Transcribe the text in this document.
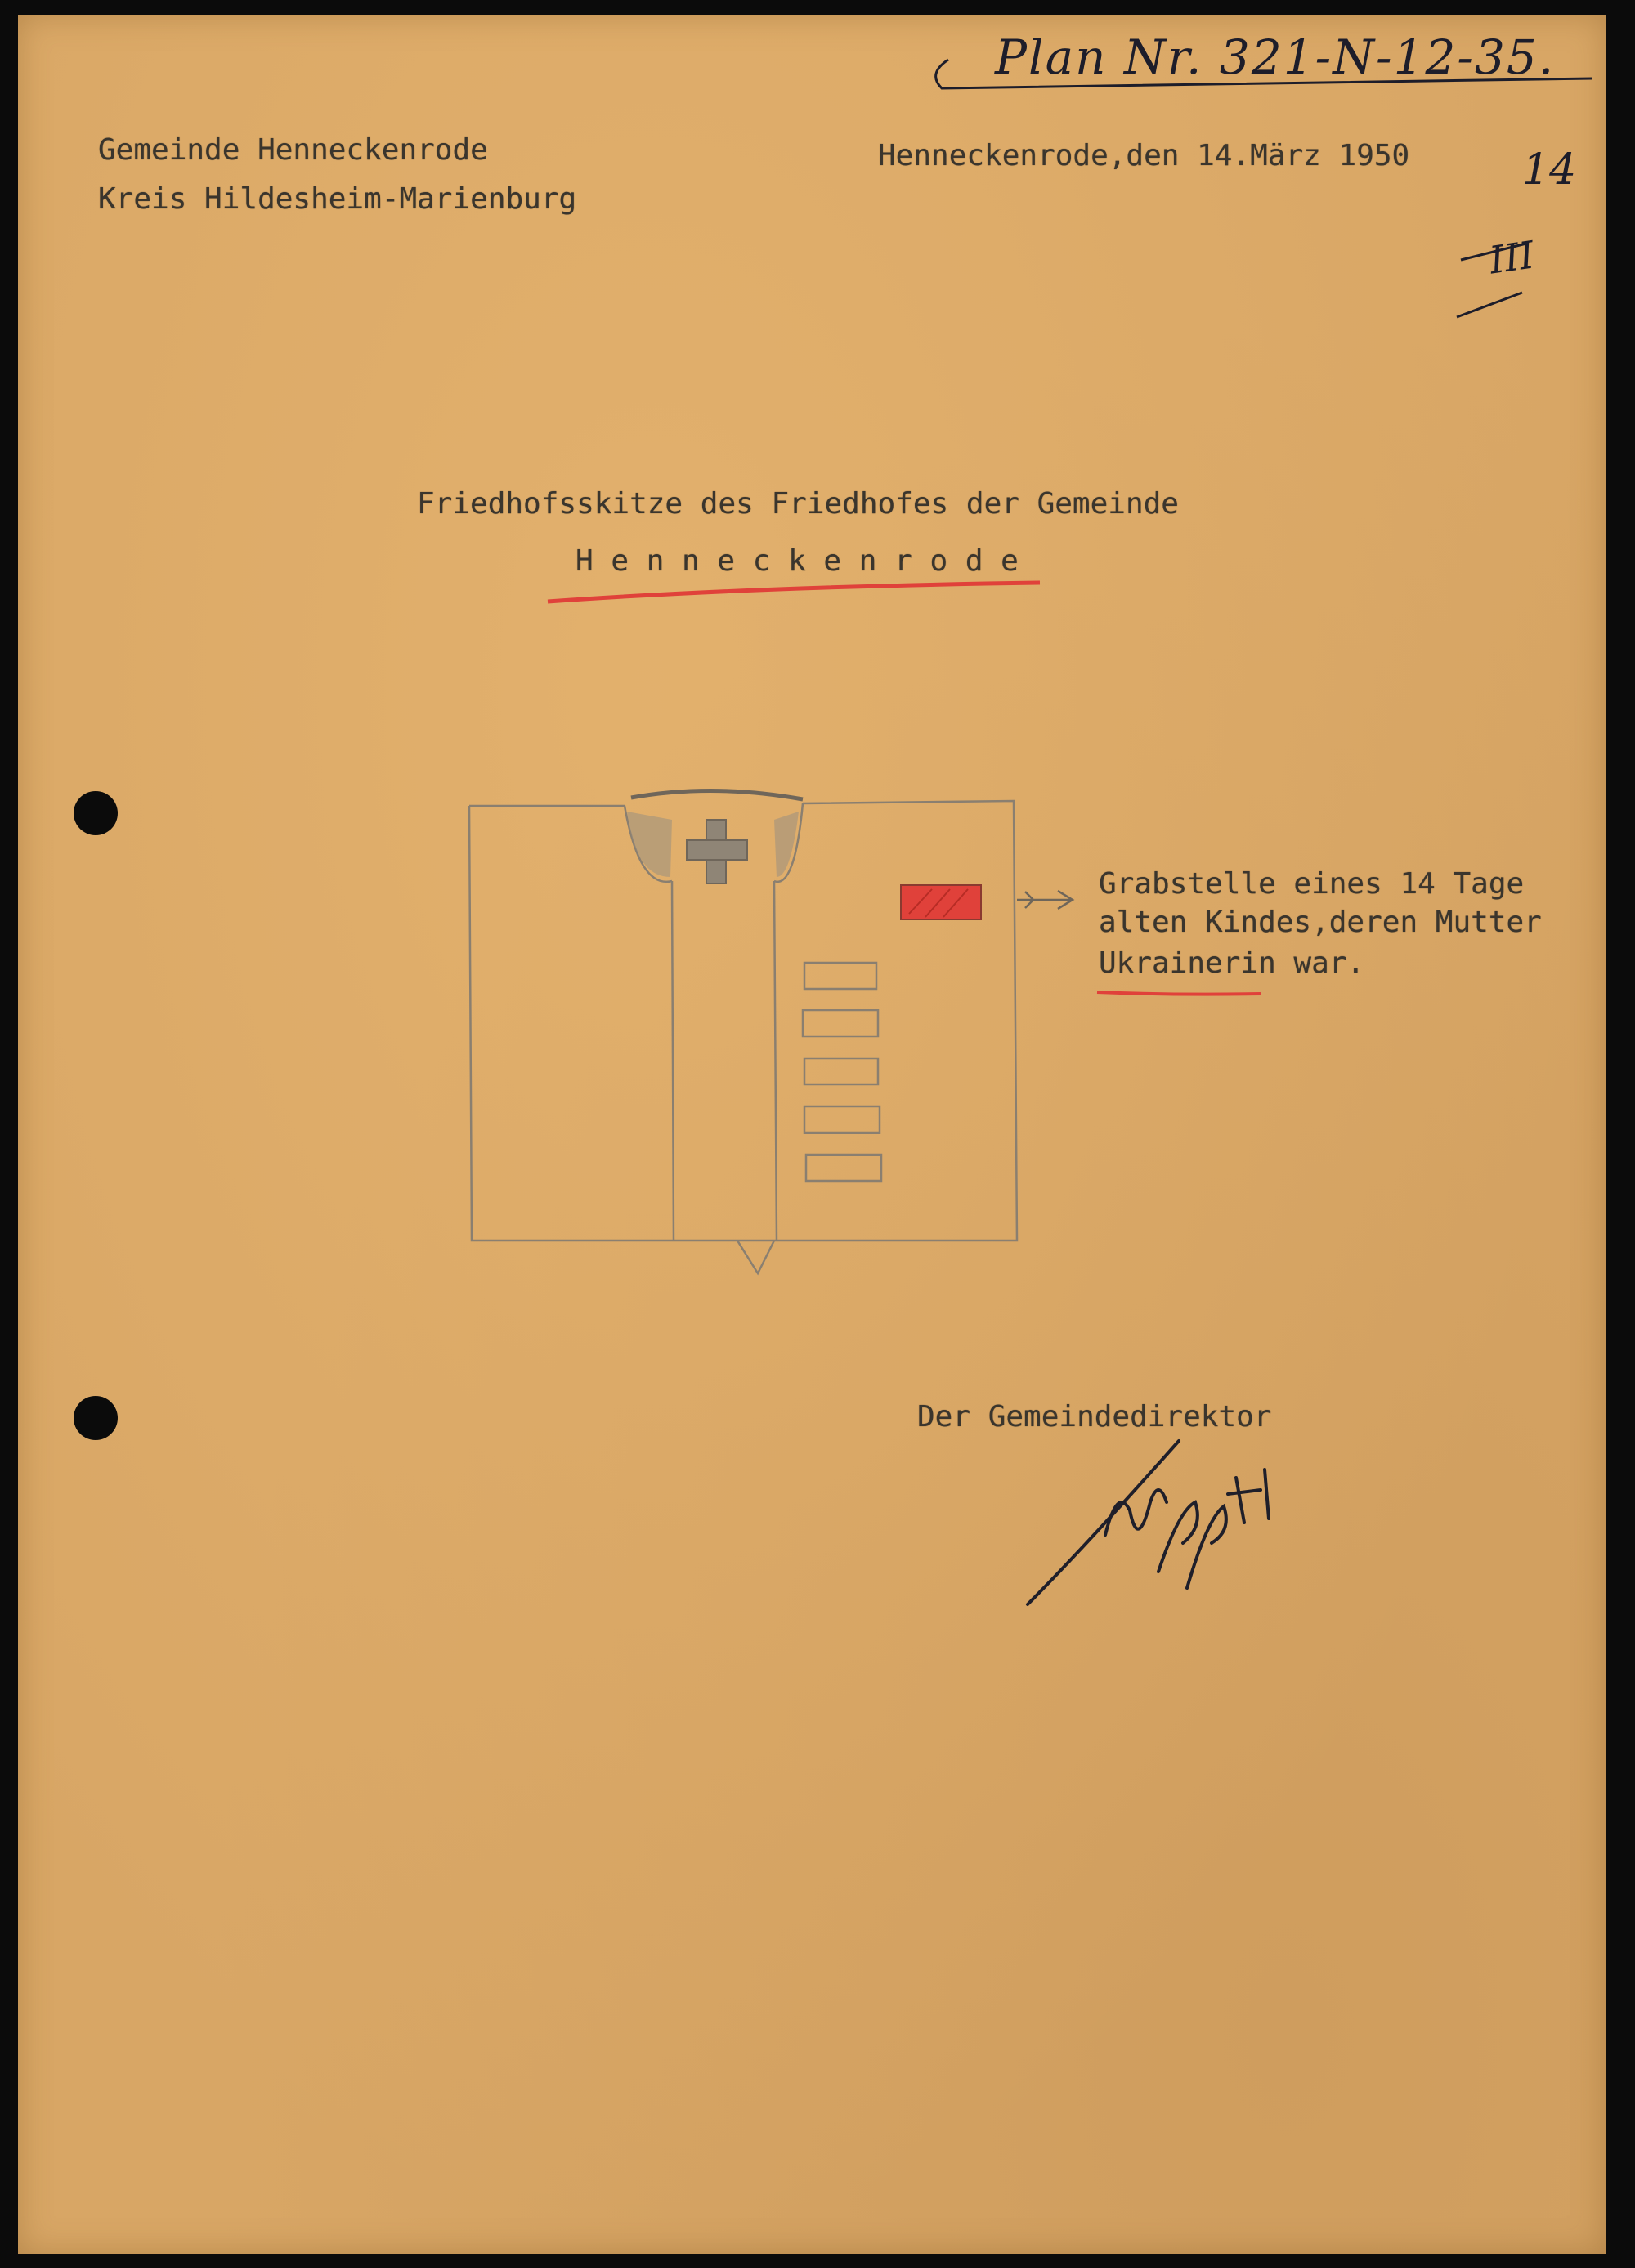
Plan Nr. 321-N-12-35.
Gemeinde Henneckenrode
Kreis Hildesheim-Marienburg
Henneckenrode,den 14.März 1950	14
III
Friedhofsskitze des Friedhofes der Gemeinde
H e n n e c k e n r o d e
Grabstelle eines 14 Tage
alten Kindes,deren Mutter
Ukrainerin war.
Der Gemeindedirektor
